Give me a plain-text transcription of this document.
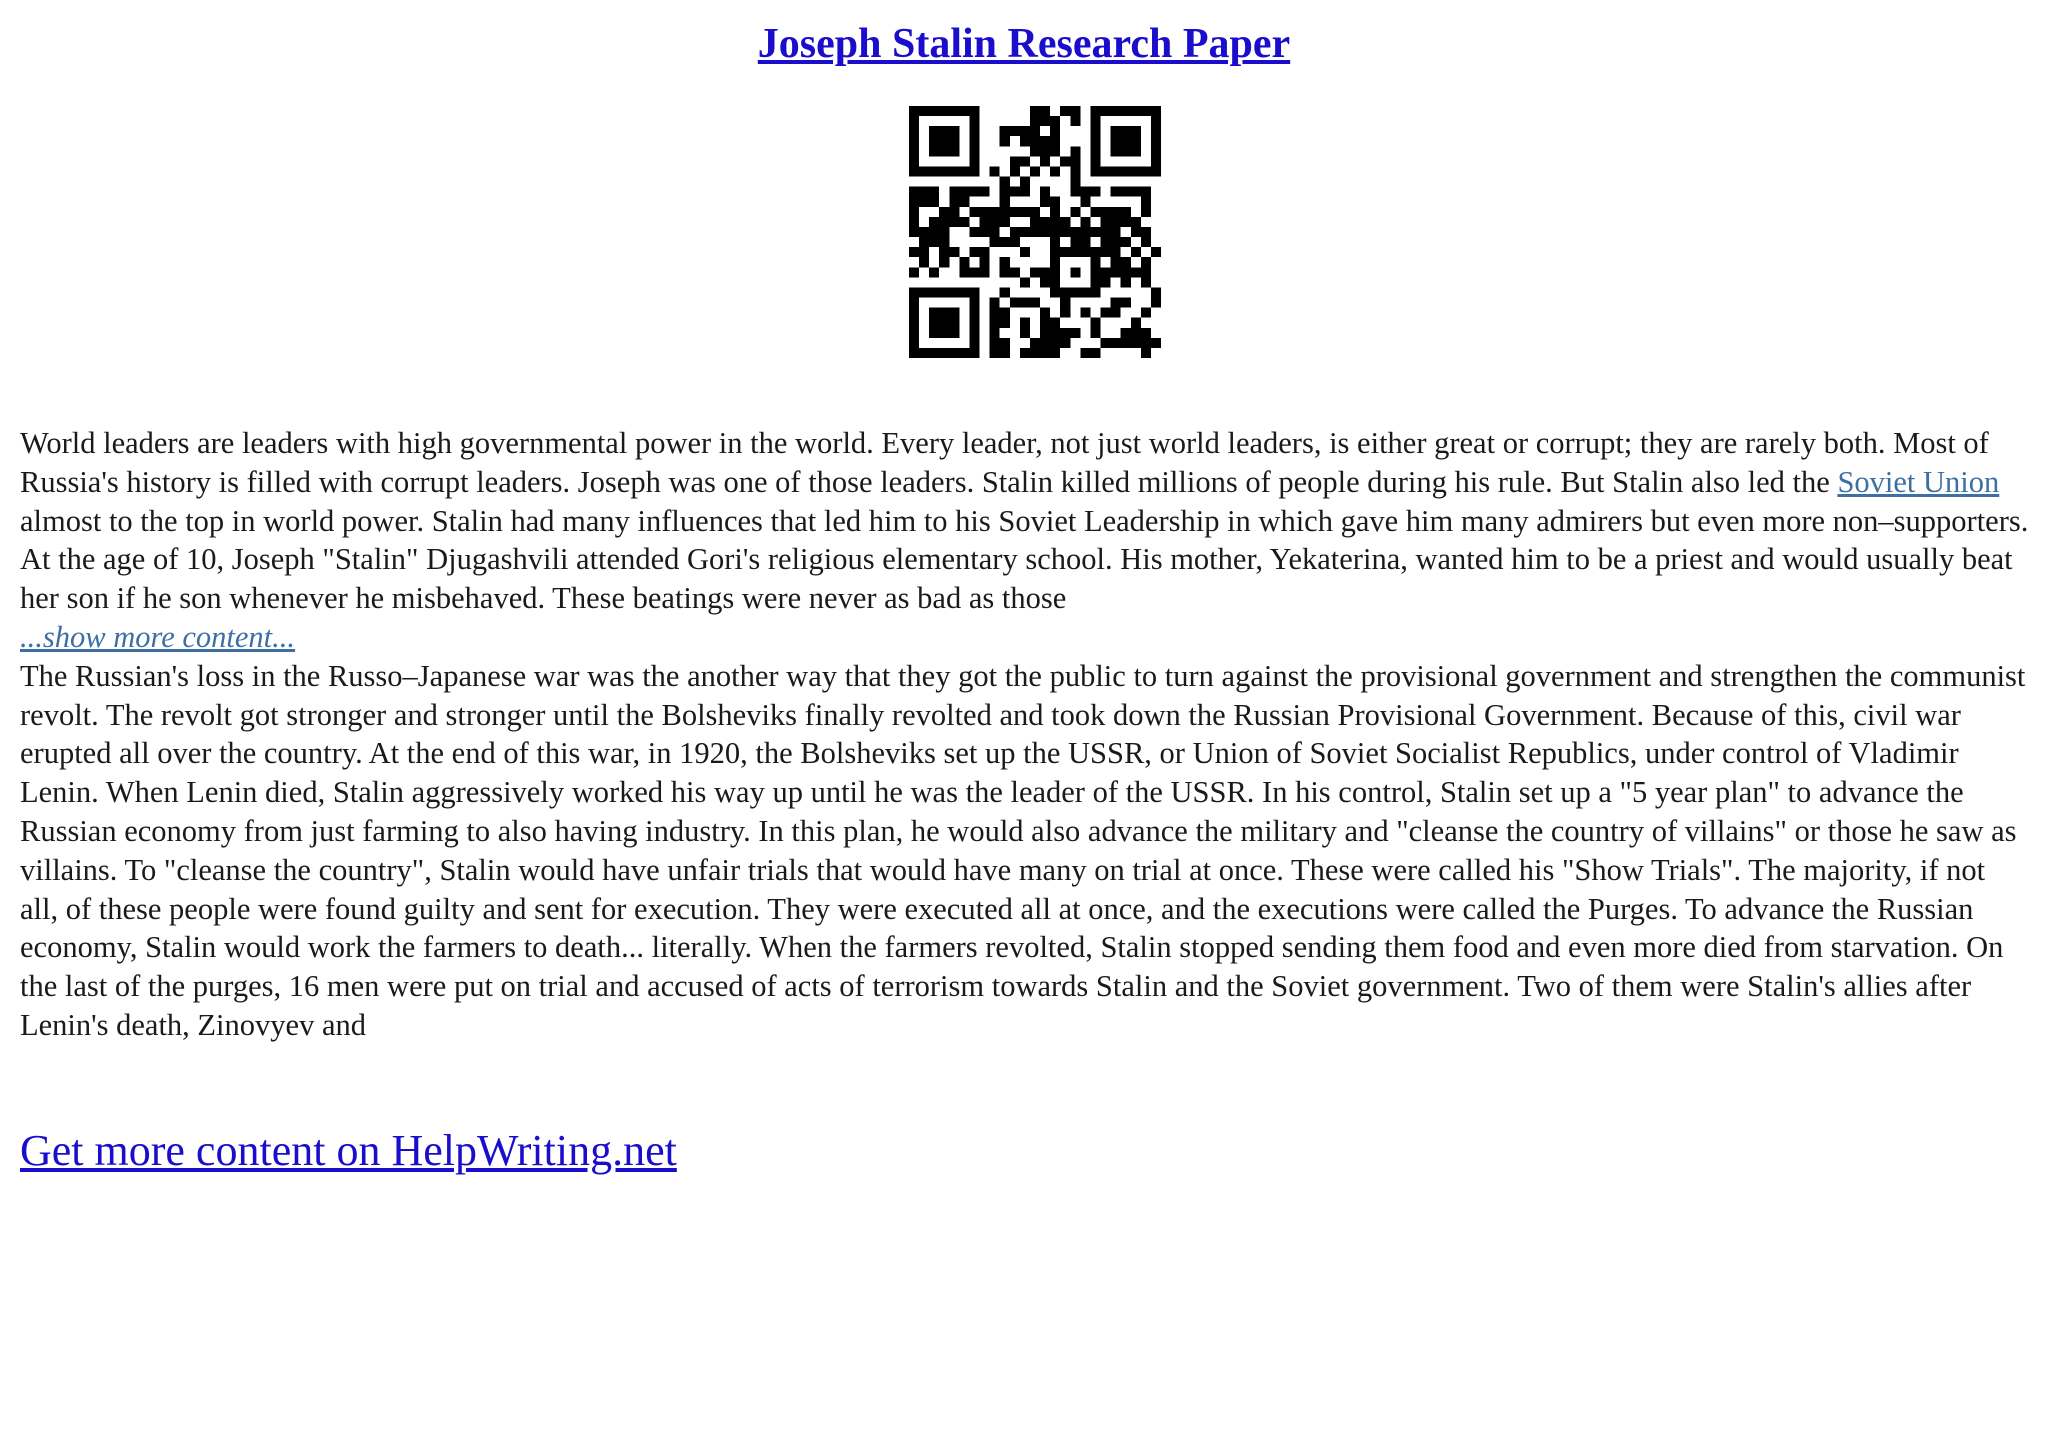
Joseph Stalin Research Paper

World leaders are leaders with high governmental power in the world. Every leader, not just world leaders, is either great or corrupt; they are rarely both. Most of Russia's history is filled with corrupt leaders. Joseph was one of those leaders. Stalin killed millions of people during his rule. But Stalin also led the Soviet Union almost to the top in world power. Stalin had many influences that led him to his Soviet Leadership in which gave him many admirers but even more non–supporters. At the age of 10, Joseph "Stalin" Djugashvili attended Gori's religious elementary school. His mother, Yekaterina, wanted him to be a priest and would usually beat her son if he son whenever he misbehaved. These beatings were never as bad as those

...show more content...

The Russian's loss in the Russo–Japanese war was the another way that they got the public to turn against the provisional government and strengthen the communist revolt. The revolt got stronger and stronger until the Bolsheviks finally revolted and took down the Russian Provisional Government. Because of this, civil war erupted all over the country. At the end of this war, in 1920, the Bolsheviks set up the USSR, or Union of Soviet Socialist Republics, under control of Vladimir Lenin. When Lenin died, Stalin aggressively worked his way up until he was the leader of the USSR. In his control, Stalin set up a "5 year plan" to advance the Russian economy from just farming to also having industry. In this plan, he would also advance the military and "cleanse the country of villains" or those he saw as villains. To "cleanse the country", Stalin would have unfair trials that would have many on trial at once. These were called his "Show Trials". The majority, if not all, of these people were found guilty and sent for execution. They were executed all at once, and the executions were called the Purges. To advance the Russian economy, Stalin would work the farmers to death... literally. When the farmers revolted, Stalin stopped sending them food and even more died from starvation. On the last of the purges, 16 men were put on trial and accused of acts of terrorism towards Stalin and the Soviet government. Two of them were Stalin's allies after Lenin's death, Zinovyev and

Get more content on HelpWriting.net
